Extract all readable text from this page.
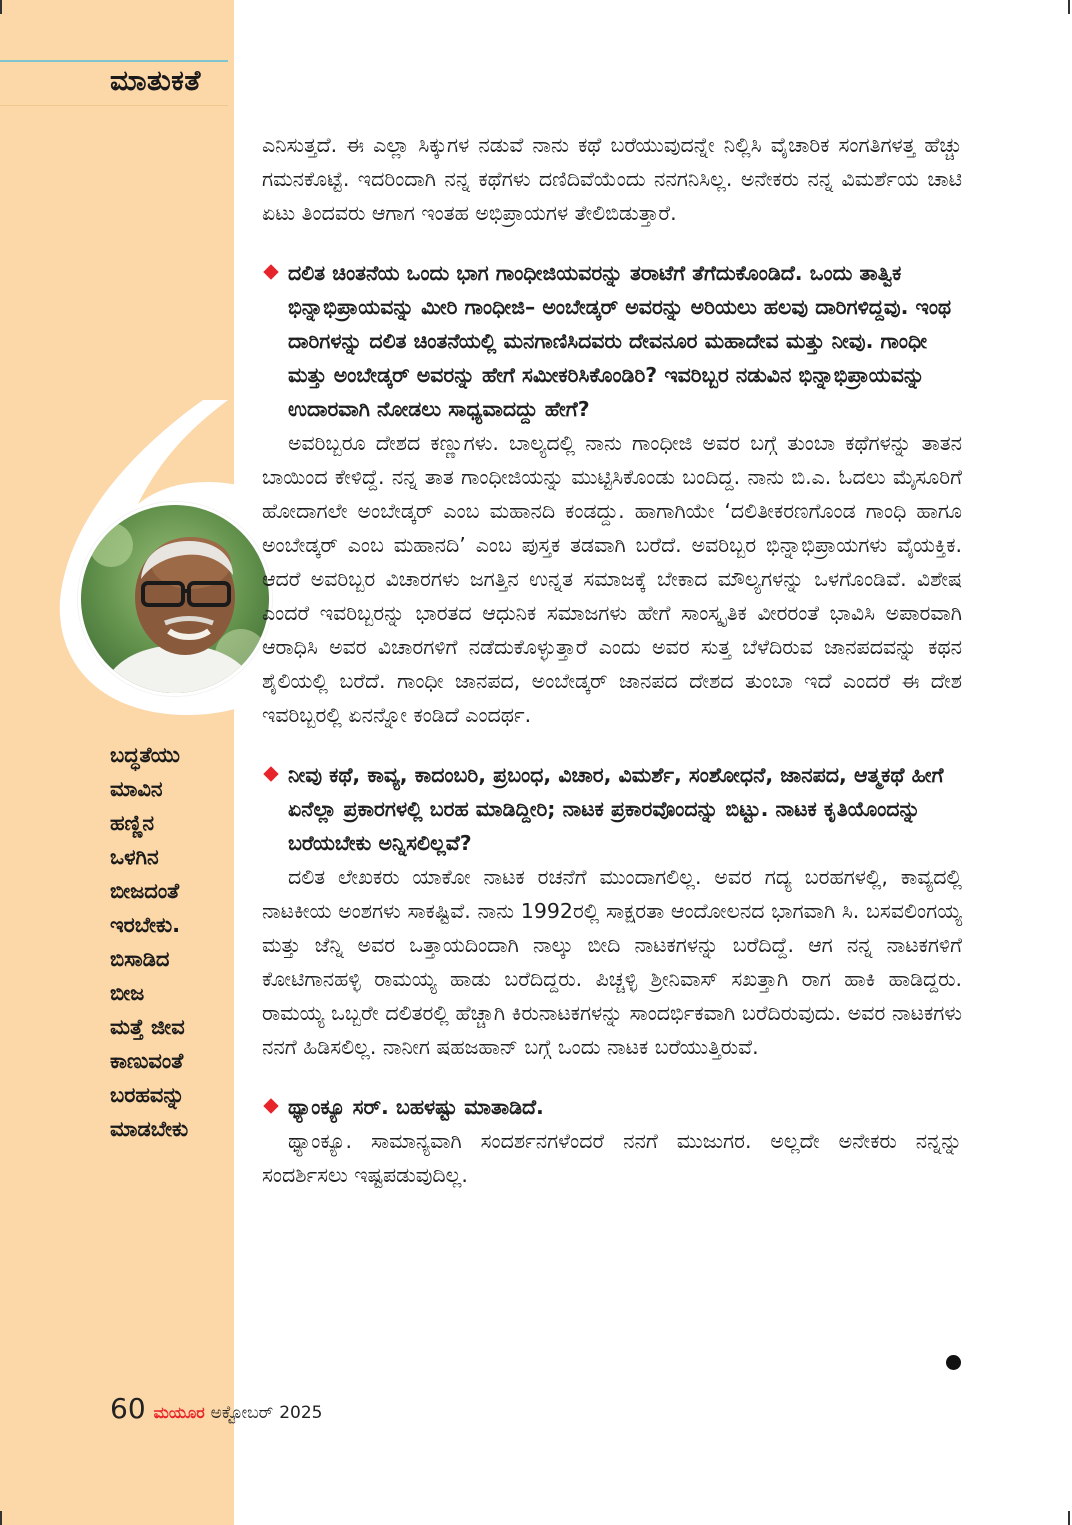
ಮಾತುಕತೆ
ಬದ್ಧತೆಯು
ಮಾವಿನ
ಹಣ್ಣಿನ
ಒಳಗಿನ
ಬೀಜದಂತೆ
ಇರಬೇಕು.
ಬಿಸಾಡಿದ
ಬೀಜ
ಮತ್ತೆ ಜೀವ
ಕಾಣುವಂತೆ
ಬರಹವನ್ನು
ಮಾಡಬೇಕು

ಎನಿಸುತ್ತದೆ. ಈ ಎಲ್ಲಾ ಸಿಕ್ಕುಗಳ ನಡುವೆ ನಾನು ಕಥೆ ಬರೆಯುವುದನ್ನೇ ನಿಲ್ಲಿಸಿ ವೈಚಾರಿಕ ಸಂಗತಿಗಳತ್ತ ಹೆಚ್ಚು ಗಮನಕೊಟ್ಟೆ. ಇದರಿಂದಾಗಿ ನನ್ನ ಕಥೆಗಳು ದಣಿದಿವೆಯೆಂದು ನನಗನಿಸಿಲ್ಲ. ಅನೇಕರು ನನ್ನ ವಿಮರ್ಶೆಯ ಚಾಟಿ ಏಟು ತಿಂದವರು ಆಗಾಗ ಇಂತಹ ಅಭಿಪ್ರಾಯಗಳ ತೇಲಿಬಿಡುತ್ತಾರೆ.

ದಲಿತ ಚಿಂತನೆಯ ಒಂದು ಭಾಗ ಗಾಂಧೀಜಿಯವರನ್ನು ತರಾಟೆಗೆ ತೆಗೆದುಕೊಂಡಿದೆ. ಒಂದು ತಾತ್ವಿಕ ಭಿನ್ನಾಭಿಪ್ರಾಯವನ್ನು ಮೀರಿ ಗಾಂಧೀಜಿ– ಅಂಬೇಡ್ಕರ್ ಅವರನ್ನು ಅರಿಯಲು ಹಲವು ದಾರಿಗಳಿದ್ದವು. ಇಂಥ ದಾರಿಗಳನ್ನು ದಲಿತ ಚಿಂತನೆಯಲ್ಲಿ ಮನಗಾಣಿಸಿದವರು ದೇವನೂರ ಮಹಾದೇವ ಮತ್ತು ನೀವು. ಗಾಂಧೀ ಮತ್ತು ಅಂಬೇಡ್ಕರ್ ಅವರನ್ನು ಹೇಗೆ ಸಮೀಕರಿಸಿಕೊಂಡಿರಿ? ಇವರಿಬ್ಬರ ನಡುವಿನ ಭಿನ್ನಾಭಿಪ್ರಾಯವನ್ನು ಉದಾರವಾಗಿ ನೋಡಲು ಸಾಧ್ಯವಾದದ್ದು ಹೇಗೆ?

ಅವರಿಬ್ಬರೂ ದೇಶದ ಕಣ್ಣುಗಳು. ಬಾಲ್ಯದಲ್ಲಿ ನಾನು ಗಾಂಧೀಜಿ ಅವರ ಬಗ್ಗೆ ತುಂಬಾ ಕಥೆಗಳನ್ನು ತಾತನ ಬಾಯಿಂದ ಕೇಳಿದ್ದೆ. ನನ್ನ ತಾತ ಗಾಂಧೀಜಿಯನ್ನು ಮುಟ್ಟಿಸಿಕೊಂಡು ಬಂದಿದ್ದ. ನಾನು ಬಿ.ಎ. ಓದಲು ಮೈಸೂರಿಗೆ ಹೋದಾಗಲೇ ಅಂಬೇಡ್ಕರ್ ಎಂಬ ಮಹಾನದಿ ಕಂಡದ್ದು. ಹಾಗಾಗಿಯೇ ‘ದಲಿತೀಕರಣಗೊಂಡ ಗಾಂಧಿ ಹಾಗೂ ಅಂಬೇಡ್ಕರ್ ಎಂಬ ಮಹಾನದಿ’ ಎಂಬ ಪುಸ್ತಕ ತಡವಾಗಿ ಬರೆದೆ. ಅವರಿಬ್ಬರ ಭಿನ್ನಾಭಿಪ್ರಾಯಗಳು ವೈಯಕ್ತಿಕ. ಆದರೆ ಅವರಿಬ್ಬರ ವಿಚಾರಗಳು ಜಗತ್ತಿನ ಉನ್ನತ ಸಮಾಜಕ್ಕೆ ಬೇಕಾದ ಮೌಲ್ಯಗಳನ್ನು ಒಳಗೊಂಡಿವೆ. ವಿಶೇಷ ಎಂದರೆ ಇವರಿಬ್ಬರನ್ನು ಭಾರತದ ಆಧುನಿಕ ಸಮಾಜಗಳು ಹೇಗೆ ಸಾಂಸ್ಕೃತಿಕ ವೀರರಂತೆ ಭಾವಿಸಿ ಅಪಾರವಾಗಿ ಆರಾಧಿಸಿ ಅವರ ವಿಚಾರಗಳಿಗೆ ನಡೆದುಕೊಳ್ಳುತ್ತಾರೆ ಎಂದು ಅವರ ಸುತ್ತ ಬೆಳೆದಿರುವ ಜಾನಪದವನ್ನು ಕಥನ ಶೈಲಿಯಲ್ಲಿ ಬರೆದೆ. ಗಾಂಧೀ ಜಾನಪದ, ಅಂಬೇಡ್ಕರ್ ಜಾನಪದ ದೇಶದ ತುಂಬಾ ಇದೆ ಎಂದರೆ ಈ ದೇಶ ಇವರಿಬ್ಬರಲ್ಲಿ ಏನನ್ನೋ ಕಂಡಿದೆ ಎಂದರ್ಥ.

ನೀವು ಕಥೆ, ಕಾವ್ಯ, ಕಾದಂಬರಿ, ಪ್ರಬಂಧ, ವಿಚಾರ, ವಿಮರ್ಶೆ, ಸಂಶೋಧನೆ, ಜಾನಪದ, ಆತ್ಮಕಥೆ ಹೀಗೆ ಏನೆಲ್ಲಾ ಪ್ರಕಾರಗಳಲ್ಲಿ ಬರಹ ಮಾಡಿದ್ದೀರಿ; ನಾಟಕ ಪ್ರಕಾರವೊಂದನ್ನು ಬಿಟ್ಟು. ನಾಟಕ ಕೃತಿಯೊಂದನ್ನು ಬರೆಯಬೇಕು ಅನ್ನಿಸಲಿಲ್ಲವೆ?

ದಲಿತ ಲೇಖಕರು ಯಾಕೋ ನಾಟಕ ರಚನೆಗೆ ಮುಂದಾಗಲಿಲ್ಲ. ಅವರ ಗದ್ಯ ಬರಹಗಳಲ್ಲಿ, ಕಾವ್ಯದಲ್ಲಿ ನಾಟಕೀಯ ಅಂಶಗಳು ಸಾಕಷ್ಟಿವೆ. ನಾನು 1992ರಲ್ಲಿ ಸಾಕ್ಷರತಾ ಆಂದೋಲನದ ಭಾಗವಾಗಿ ಸಿ. ಬಸವಲಿಂಗಯ್ಯ ಮತ್ತು ಜೆನ್ನಿ ಅವರ ಒತ್ತಾಯದಿಂದಾಗಿ ನಾಲ್ಕು ಬೀದಿ ನಾಟಕಗಳನ್ನು ಬರೆದಿದ್ದೆ. ಆಗ ನನ್ನ ನಾಟಕಗಳಿಗೆ ಕೋಟಿಗಾನಹಳ್ಳಿ ರಾಮಯ್ಯ ಹಾಡು ಬರೆದಿದ್ದರು. ಪಿಚ್ಚಳ್ಳಿ ಶ್ರೀನಿವಾಸ್ ಸಖತ್ತಾಗಿ ರಾಗ ಹಾಕಿ ಹಾಡಿದ್ದರು. ರಾಮಯ್ಯ ಒಬ್ಬರೇ ದಲಿತರಲ್ಲಿ ಹೆಚ್ಚಾಗಿ ಕಿರುನಾಟಕಗಳನ್ನು ಸಾಂದರ್ಭಿಕವಾಗಿ ಬರೆದಿರುವುದು. ಅವರ ನಾಟಕಗಳು ನನಗೆ ಹಿಡಿಸಲಿಲ್ಲ. ನಾನೀಗ ಷಹಜಹಾನ್ ಬಗ್ಗೆ ಒಂದು ನಾಟಕ ಬರೆಯುತ್ತಿರುವೆ.

ಥ್ಯಾಂಕ್ಯೂ ಸರ್. ಬಹಳಷ್ಟು ಮಾತಾಡಿದೆ.

ಥ್ಯಾಂಕ್ಯೂ. ಸಾಮಾನ್ಯವಾಗಿ ಸಂದರ್ಶನಗಳೆಂದರೆ ನನಗೆ ಮುಜುಗರ. ಅಲ್ಲದೇ ಅನೇಕರು ನನ್ನನ್ನು ಸಂದರ್ಶಿಸಲು ಇಷ್ಟಪಡುವುದಿಲ್ಲ.

60 ಮಯೂರ ಅಕ್ಟೋಬರ್ 2025
